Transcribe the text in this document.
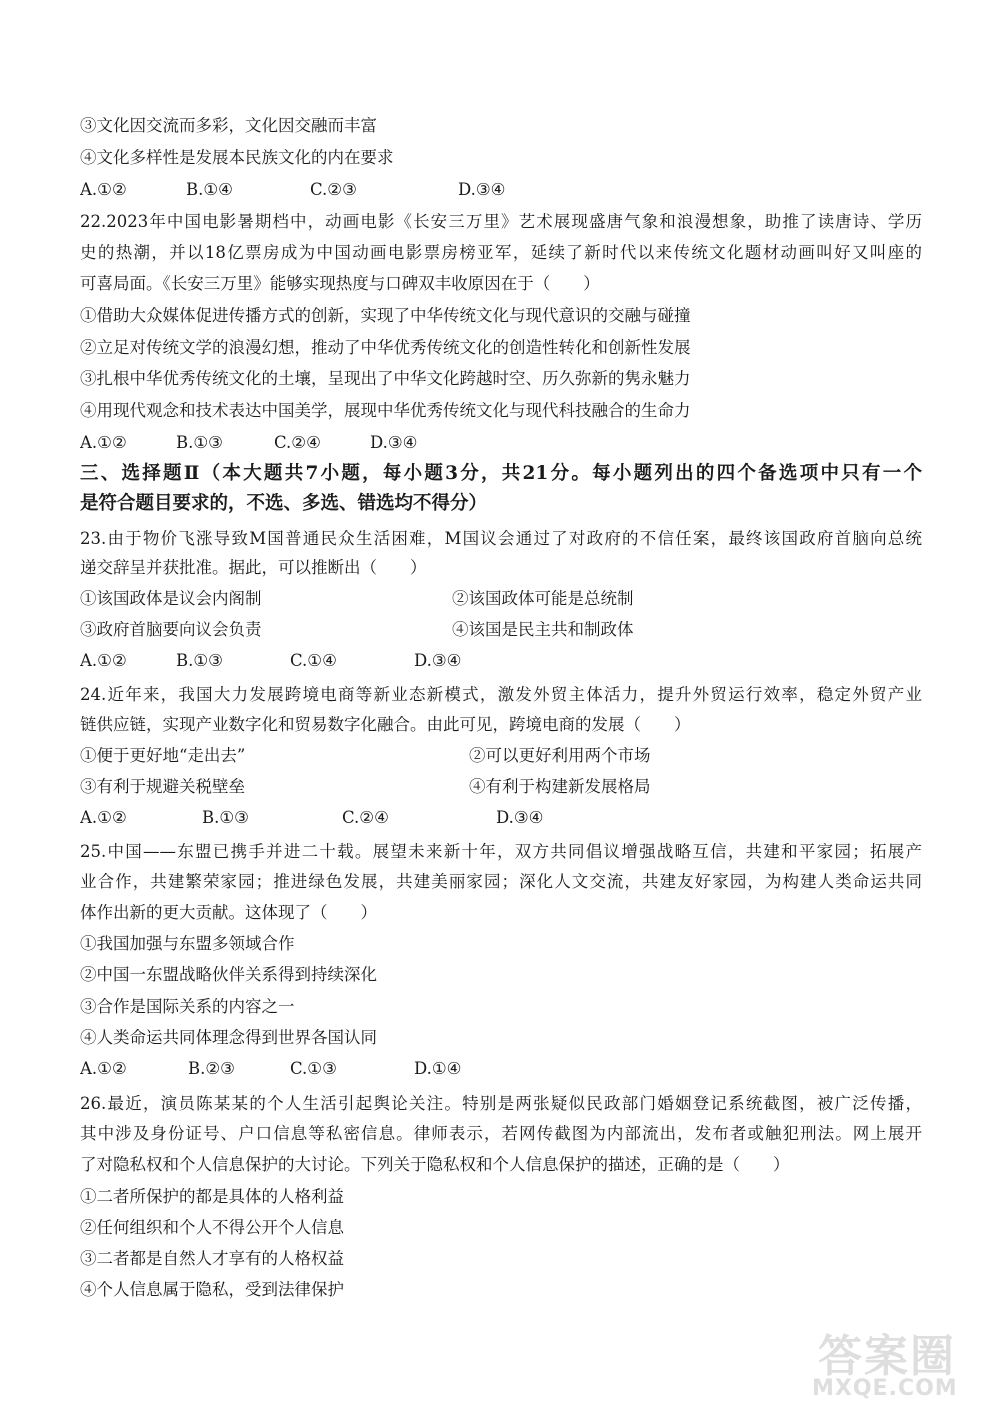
③文化因交流而多彩，文化因交融而丰富
④文化多样性是发展本民族文化的内在要求
A.①②	B.①④	C.②③	D.③④
22.2023年中国电影暑期档中，动画电影《长安三万里》艺术展现盛唐气象和浪漫想象，助推了读唐诗、学历
史的热潮，并以18亿票房成为中国动画电影票房榜亚军，延续了新时代以来传统文化题材动画叫好又叫座的
可喜局面。《长安三万里》能够实现热度与口碑双丰收原因在于（　　）
①借助大众媒体促进传播方式的创新，实现了中华传统文化与现代意识的交融与碰撞
②立足对传统文学的浪漫幻想，推动了中华优秀传统文化的创造性转化和创新性发展
③扎根中华优秀传统文化的土壤，呈现出了中华文化跨越时空、历久弥新的隽永魅力
④用现代观念和技术表达中国美学，展现中华优秀传统文化与现代科技融合的生命力
A.①②	B.①③	C.②④	D.③④
三、选择题Ⅱ（本大题共7小题，每小题3分，共21分。每小题列出的四个备选项中只有一个
是符合题目要求的，不选、多选、错选均不得分）
23.由于物价飞涨导致M国普通民众生活困难，M国议会通过了对政府的不信任案，最终该国政府首脑向总统
递交辞呈并获批准。据此，可以推断出（　　）
①该国政体是议会内阁制	②该国政体可能是总统制
③政府首脑要向议会负责	④该国是民主共和制政体
A.①②	B.①③	C.①④	D.③④
24.近年来，我国大力发展跨境电商等新业态新模式，激发外贸主体活力，提升外贸运行效率，稳定外贸产业
链供应链，实现产业数字化和贸易数字化融合。由此可见，跨境电商的发展（　　）
①便于更好地“走出去”	②可以更好利用两个市场
③有利于规避关税壁垒	④有利于构建新发展格局
A.①②	B.①③	C.②④	D.③④
25.中国——东盟已携手并进二十载。展望未来新十年，双方共同倡议增强战略互信，共建和平家园；拓展产
业合作，共建繁荣家园；推进绿色发展，共建美丽家园；深化人文交流，共建友好家园，为构建人类命运共同
体作出新的更大贡献。这体现了（　　）
①我国加强与东盟多领域合作
②中国一东盟战略伙伴关系得到持续深化
③合作是国际关系的内容之一
④人类命运共同体理念得到世界各国认同
A.①②	B.②③	C.①③	D.①④
26.最近，演员陈某某的个人生活引起舆论关注。特别是两张疑似民政部门婚姻登记系统截图，被广泛传播，
其中涉及身份证号、户口信息等私密信息。律师表示，若网传截图为内部流出，发布者或触犯刑法。网上展开
了对隐私权和个人信息保护的大讨论。下列关于隐私权和个人信息保护的描述，正确的是（　　）
①二者所保护的都是具体的人格利益
②任何组织和个人不得公开个人信息
③二者都是自然人才享有的人格权益
④个人信息属于隐私，受到法律保护
答案圈
MXQE.COM
